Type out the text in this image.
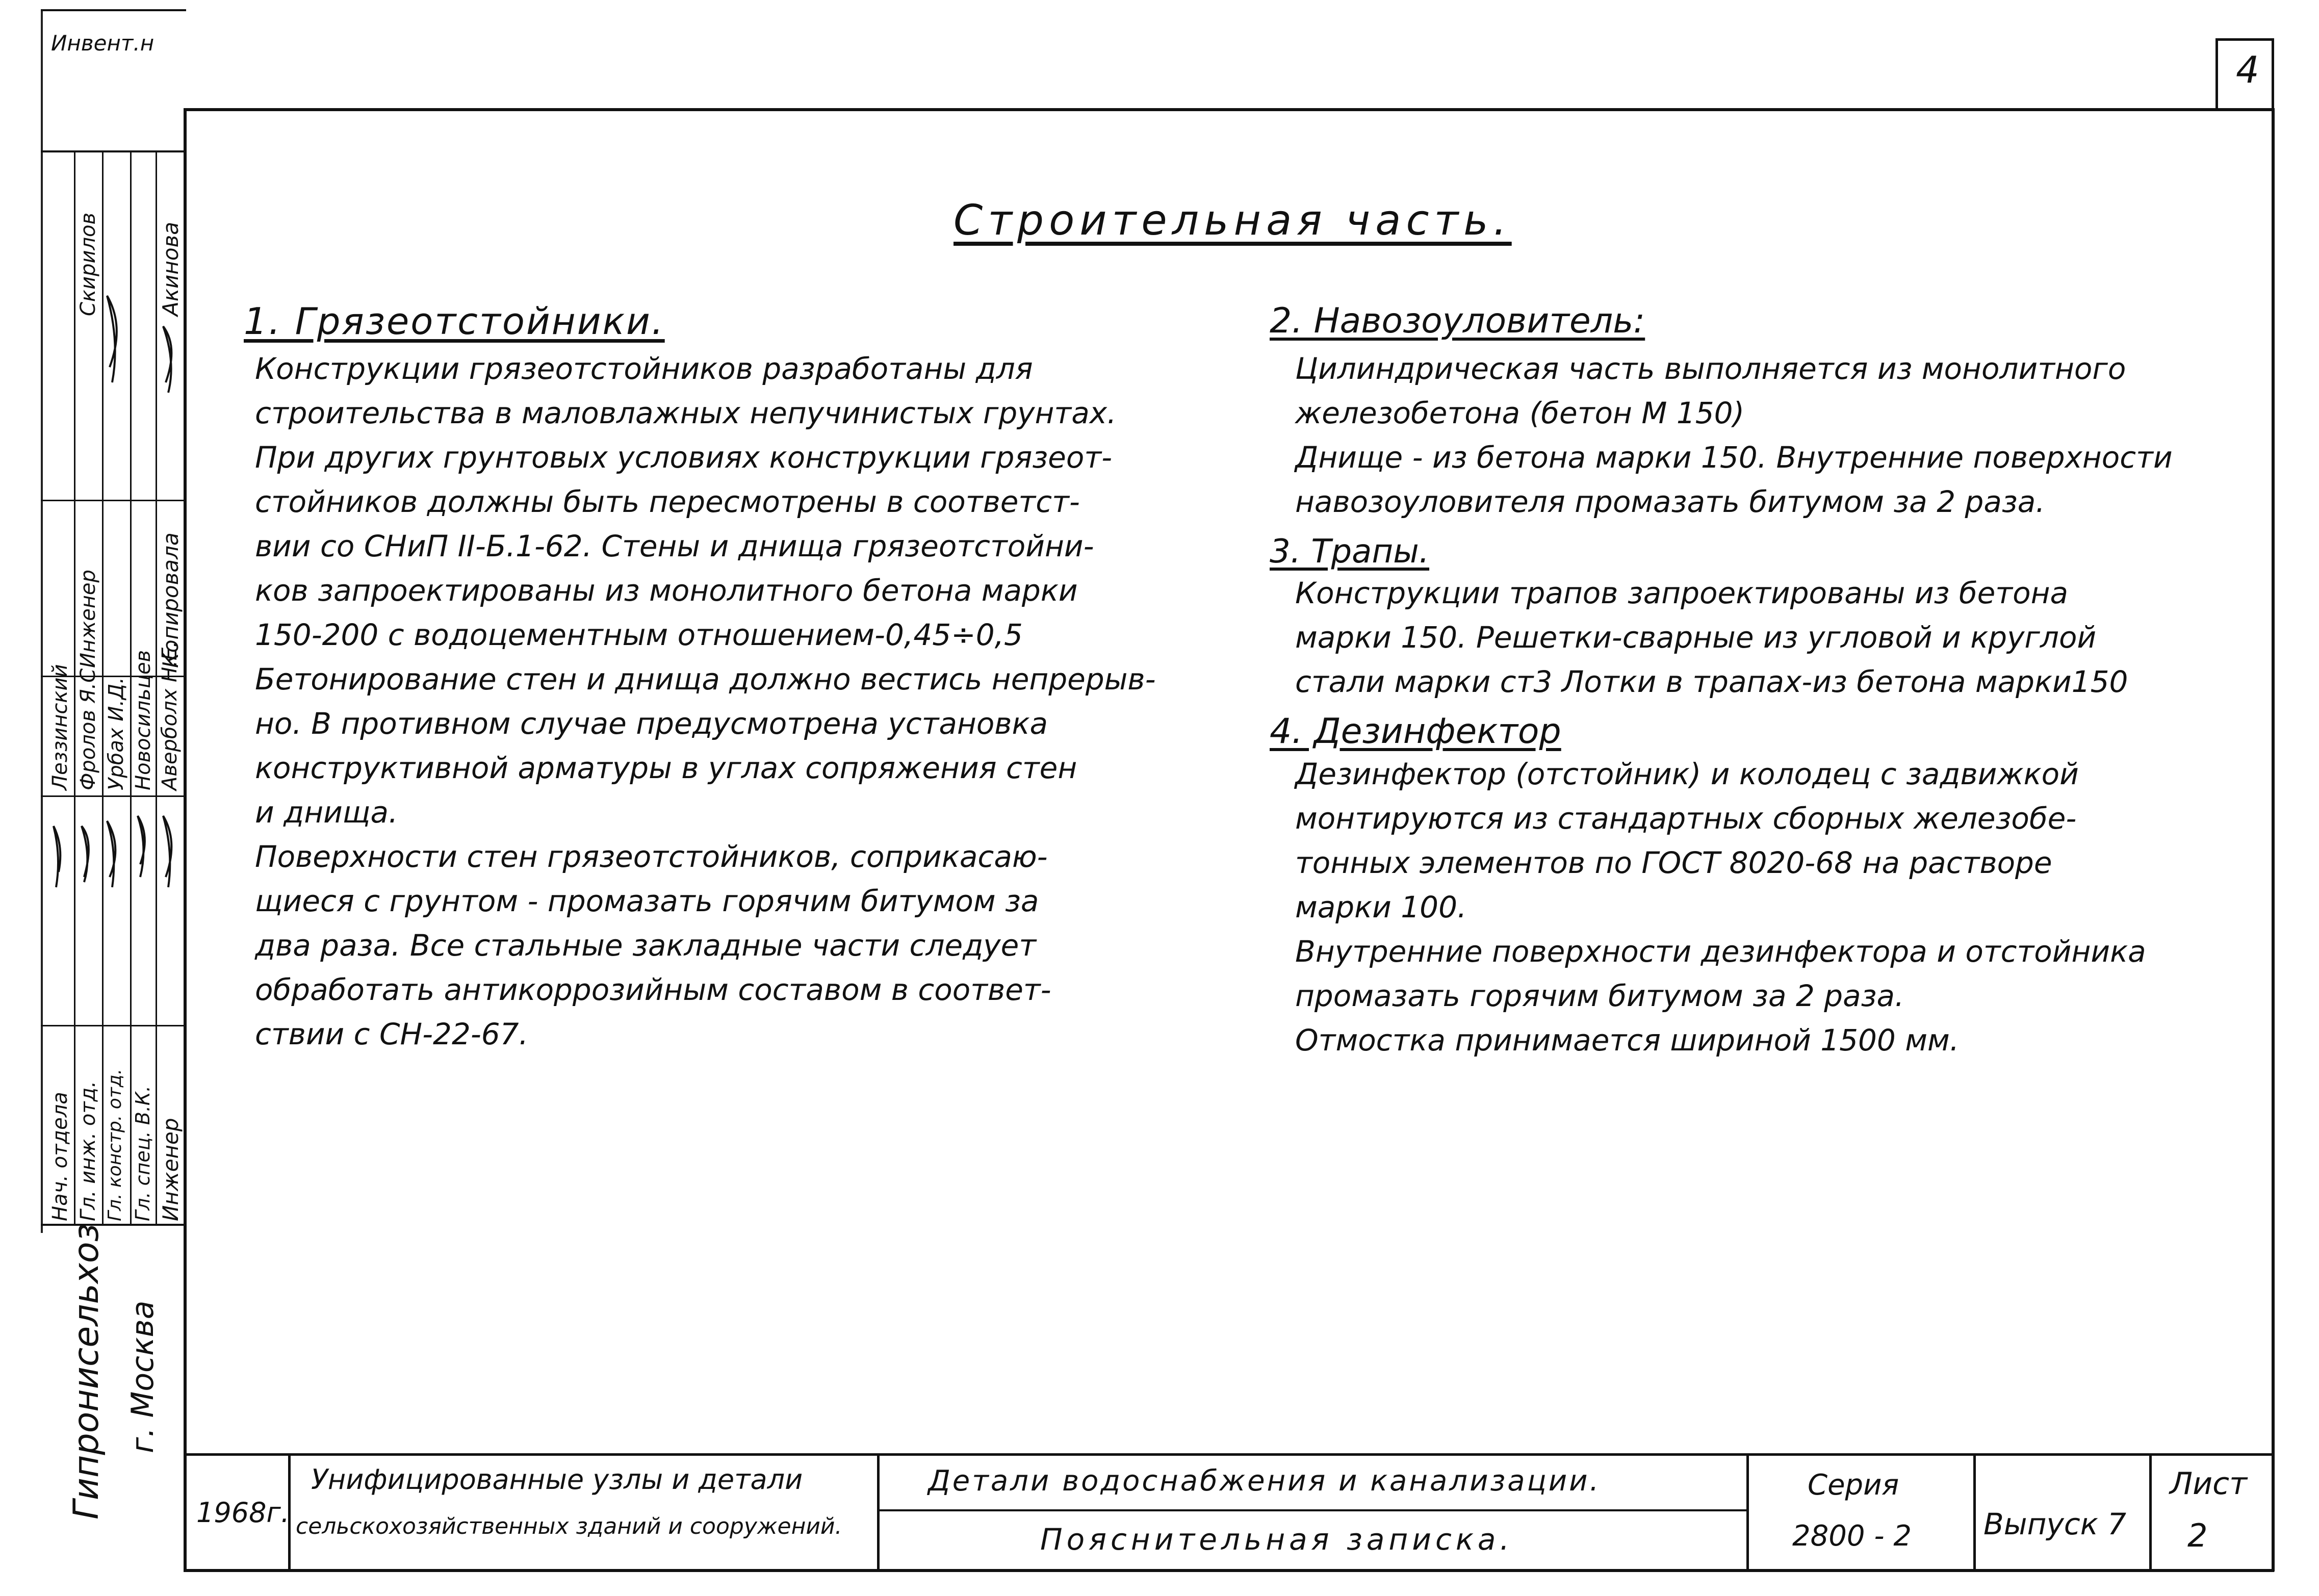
4
Строительная часть.
1. Грязеотстойники.
Конструкции грязеотстойников разработаны для
строительства в маловлажных непучинистых грунтах.
При других грунтовых условиях конструкции грязеот-
стойников должны быть пересмотрены в соответст-
вии со СНиП II-Б.1-62. Стены и днища грязеотстойни-
ков запроектированы из монолитного бетона марки
150-200 с водоцементным отношением-0,45÷0,5
Бетонирование стен и днища должно вестись непрерыв-
но. В противном случае предусмотрена установка
конструктивной арматуры в углах сопряжения стен
и днища.
Поверхности стен грязеотстойников, соприкасаю-
щиеся с грунтом - промазать горячим битумом за
два раза. Все стальные закладные части следует
обработать антикоррозийным составом в соответ-
ствии с СН-22-67.
2. Навозоуловитель:
Цилиндрическая часть выполняется из монолитного
железобетона (бетон М 150)
Днище - из бетона марки 150. Внутренние поверхности
навозоуловителя промазать битумом за 2 раза.
3. Трапы.
Конструкции трапов запроектированы из бетона
марки 150. Решетки-сварные из угловой и круглой
стали марки ст3 Лотки в трапах-из бетона марки150
4. Дезинфектор
Дезинфектор (отстойник) и колодец с задвижкой
монтируются из стандартных сборных железобе-
тонных элементов по ГОСТ 8020-68 на растворе
марки 100.
Внутренние поверхности дезинфектора и отстойника
промазать горячим битумом за 2 раза.
Отмостка принимается шириной 1500 мм.
Инвент.н
Нач. отдела Гл. инж. отд. Гл. констр. отд. Гл. спец. В.К. Инженер
Леззинский Фролов Я.С. Урбах И.Д. Новосильцев Аверболх Н.Е.
Инженер	Копировала
Скирилов	Акинова
Гипронисельхоз г. Москва
1968г.
Унифицированные узлы и детали
сельскохозяйственных зданий и сооружений.
Детали водоснабжения и канализации.
Пояснительная записка.
Серия
2800 - 2 Выпуск 7
Лист
2
